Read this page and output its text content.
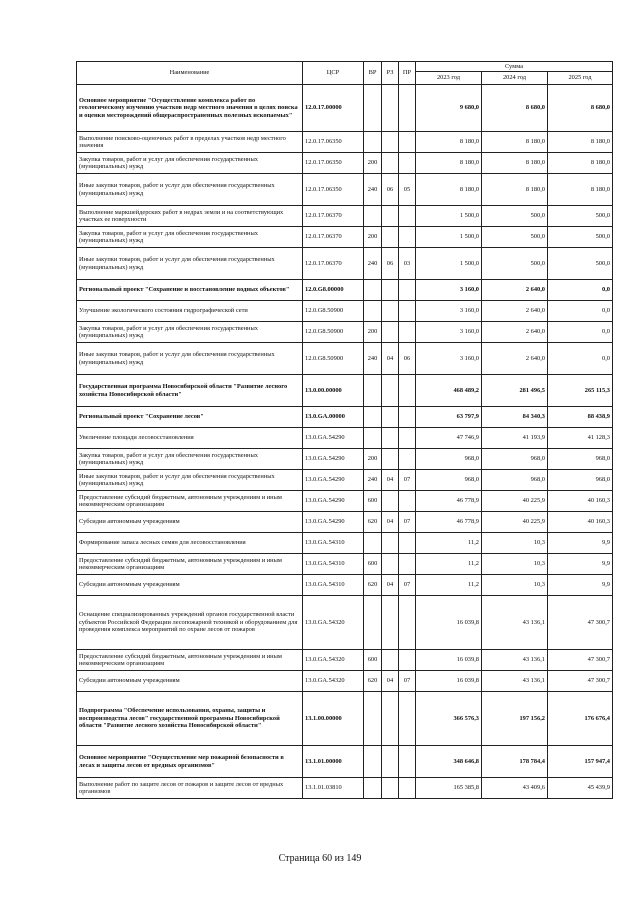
Наименование	ЦСР	ВР	РЗ	ПР	Сумма		
					2023 год	2024 год	2025 год
Основное мероприятие "Осуществление комплекса работ по геологическому изучению участков недр местного значения в целях поиска и оценки месторождений общераспространенных полезных ископаемых"	12.0.17.00000				9 680,0	8 680,0	8 680,0
Выполнение поисково-оценочных работ в пределах участков недр местного значения	12.0.17.06350				8 180,0	8 180,0	8 180,0
Закупка товаров, работ и услуг для обеспечения государственных (муниципальных) нужд	12.0.17.06350	200			8 180,0	8 180,0	8 180,0
Иные закупки товаров, работ и услуг для обеспечения государственных (муниципальных) нужд	12.0.17.06350	240	06	05	8 180,0	8 180,0	8 180,0
Выполнение маркшейдерских работ в недрах земли и на соответствующих участках ее поверхности	12.0.17.06370				1 500,0	500,0	500,0
Закупка товаров, работ и услуг для обеспечения государственных (муниципальных) нужд	12.0.17.06370	200			1 500,0	500,0	500,0
Иные закупки товаров, работ и услуг для обеспечения государственных (муниципальных) нужд	12.0.17.06370	240	06	03	1 500,0	500,0	500,0
Региональный проект "Сохранение и восстановление водных объектов"	12.0.G8.00000				3 160,0	2 640,0	0,0
Улучшение экологического состояния гидрографической сети	12.0.G8.50900				3 160,0	2 640,0	0,0
Закупка товаров, работ и услуг для обеспечения государственных (муниципальных) нужд	12.0.G8.50900	200			3 160,0	2 640,0	0,0
Иные закупки товаров, работ и услуг для обеспечения государственных (муниципальных) нужд	12.0.G8.50900	240	04	06	3 160,0	2 640,0	0,0
Государственная программа Новосибирской области "Развитие лесного хозяйства Новосибирской области"	13.0.00.00000				468 489,2	281 496,5	265 115,3
Региональный проект "Сохранение лесов"	13.0.GA.00000				63 797,9	84 340,3	88 438,9
Увеличение площади лесовосстановления	13.0.GA.54290				47 746,9	41 193,9	41 128,3
Закупка товаров, работ и услуг для обеспечения государственных (муниципальных) нужд	13.0.GA.54290	200			968,0	968,0	968,0
Иные закупки товаров, работ и услуг для обеспечения государственных (муниципальных) нужд	13.0.GA.54290	240	04	07	968,0	968,0	968,0
Предоставление субсидий бюджетным, автономным учреждениям и иным некоммерческим организациям	13.0.GA.54290	600			46 778,9	40 225,9	40 160,3
Субсидии автономным учреждениям	13.0.GA.54290	620	04	07	46 778,9	40 225,9	40 160,3
Формирование запаса лесных семян для лесовосстановления	13.0.GA.54310				11,2	10,3	9,9
Предоставление субсидий бюджетным, автономным учреждениям и иным некоммерческим организациям	13.0.GA.54310	600			11,2	10,3	9,9
Субсидии автономным учреждениям	13.0.GA.54310	620	04	07	11,2	10,3	9,9
Оснащение специализированных учреждений органов государственной власти субъектов Российской Федерации лесопожарной техникой и оборудованием для проведения комплекса мероприятий по охране лесов от пожаров	13.0.GA.54320				16 039,8	43 136,1	47 300,7
Предоставление субсидий бюджетным, автономным учреждениям и иным некоммерческим организациям	13.0.GA.54320	600			16 039,8	43 136,1	47 300,7
Субсидии автономным учреждениям	13.0.GA.54320	620	04	07	16 039,8	43 136,1	47 300,7
Подпрограмма "Обеспечение использования, охраны, защиты и воспроизводства лесов" государственной программы Новосибирской области "Развитие лесного хозяйства Новосибирской области"	13.1.00.00000				366 576,3	197 156,2	176 676,4
Основное мероприятие "Осуществление мер пожарной безопасности в лесах и защиты лесов от вредных организмов"	13.1.01.00000				348 646,8	178 784,4	157 947,4
Выполнение работ по защите лесов от пожаров и защите лесов от вредных организмов	13.1.01.03810				165 385,8	43 409,6	45 439,9
Страница 60 из 149
